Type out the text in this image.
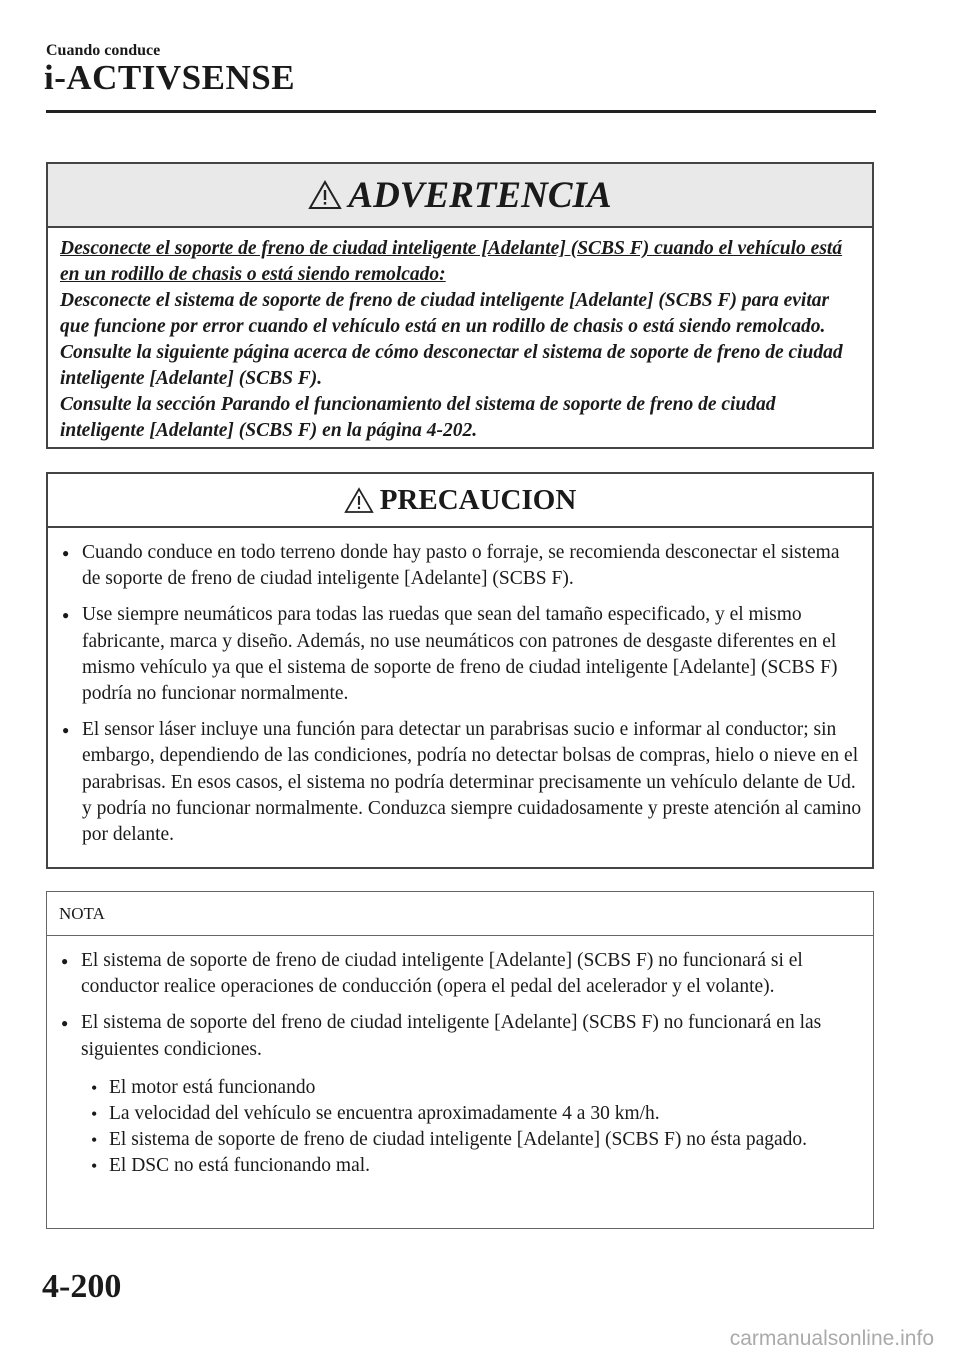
Cuando conduce
i-ACTIVSENSE
ADVERTENCIA
Desconecte el soporte de freno de ciudad inteligente [Adelante] (SCBS F) cuando el vehículo está en un rodillo de chasis o está siendo remolcado:
Desconecte el sistema de soporte de freno de ciudad inteligente [Adelante] (SCBS F) para evitar que funcione por error cuando el vehículo está en un rodillo de chasis o está siendo remolcado. Consulte la siguiente página acerca de cómo desconectar el sistema de soporte de freno de ciudad inteligente [Adelante] (SCBS F).
Consulte la sección Parando el funcionamiento del sistema de soporte de freno de ciudad inteligente [Adelante] (SCBS F) en la página 4-202.
PRECAUCION
● Cuando conduce en todo terreno donde hay pasto o forraje, se recomienda desconectar el sistema de soporte de freno de ciudad inteligente [Adelante] (SCBS F).
● Use siempre neumáticos para todas las ruedas que sean del tamaño especificado, y el mismo fabricante, marca y diseño. Además, no use neumáticos con patrones de desgaste diferentes en el mismo vehículo ya que el sistema de soporte de freno de ciudad inteligente [Adelante] (SCBS F) podría no funcionar normalmente.
● El sensor láser incluye una función para detectar un parabrisas sucio e informar al conductor; sin embargo, dependiendo de las condiciones, podría no detectar bolsas de compras, hielo o nieve en el parabrisas. En esos casos, el sistema no podría determinar precisamente un vehículo delante de Ud. y podría no funcionar normalmente. Conduzca siempre cuidadosamente y preste atención al camino por delante.
NOTA
● El sistema de soporte de freno de ciudad inteligente [Adelante] (SCBS F) no funcionará si el conductor realice operaciones de conducción (opera el pedal del acelerador y el volante).
● El sistema de soporte del freno de ciudad inteligente [Adelante] (SCBS F) no funcionará en las siguientes condiciones.
• El motor está funcionando
• La velocidad del vehículo se encuentra aproximadamente 4 a 30 km/h.
• El sistema de soporte de freno de ciudad inteligente [Adelante] (SCBS F) no ésta pagado.
• El DSC no está funcionando mal.
4-200
carmanualsonline.info
